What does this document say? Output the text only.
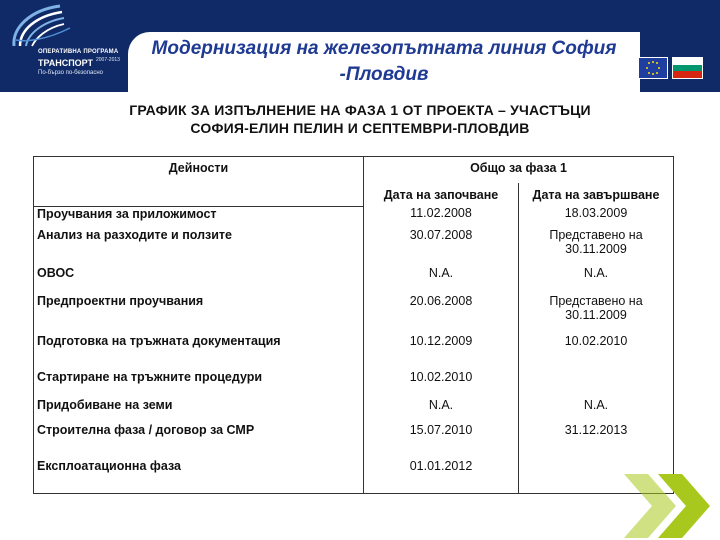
ОПЕРАТИВНА ПРОГРАМА
ТРАНСПОРТ 2007-2013
По-бързо по-безопасно

Модернизация на железопътната линия София
-Пловдив

ГРАФИК ЗА ИЗПЪЛНЕНИЕ НА ФАЗА 1 ОТ ПРОЕКТА – УЧАСТЪЦИ
СОФИЯ-ЕЛИН ПЕЛИН И СЕПТЕМВРИ-ПЛОВДИВ

Дейности	Общо за фаза 1	
	Дата на започване	Дата на завършване
Проучвания за приложимост	11.02.2008	18.03.2009
Анализ на разходите и ползите	30.07.2008	Представено на 30.11.2009
ОВОС	N.A.	N.A.
Предпроектни проучвания	20.06.2008	Представено на 30.11.2009
Подготовка на тръжната документация	10.12.2009	10.02.2010
Стартиране на тръжните процедури	10.02.2010	
Придобиване на земи	N.A.	N.A.
Строителна фаза / договор за СМР	15.07.2010	31.12.2013
Експлоатационна фаза	01.01.2012	
